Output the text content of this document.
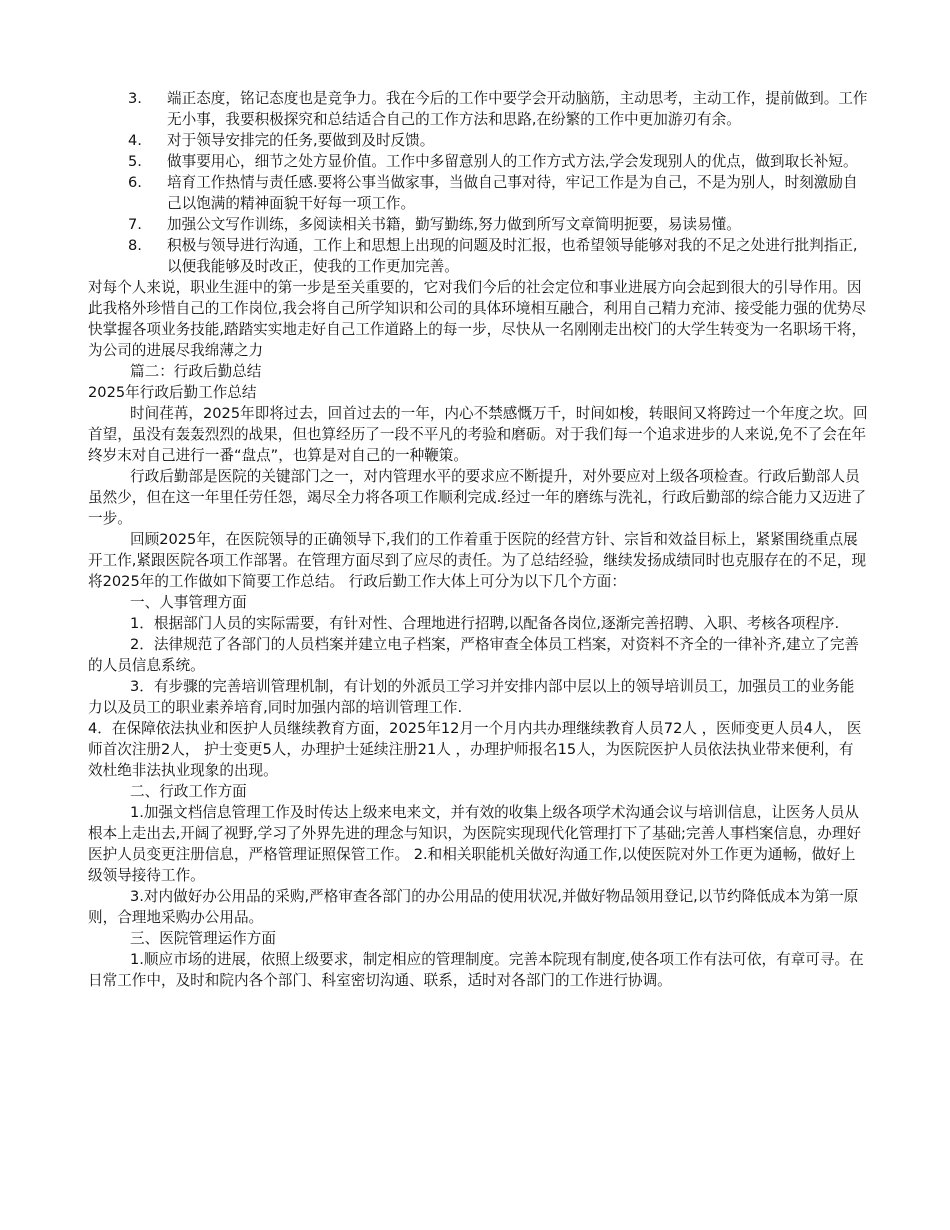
3.	端正态度，铭记态度也是竞争力。我在今后的工作中要学会开动脑筋，主动思考，主动工作，提前做到。工作无小事，我要积极探究和总结适合自己的工作方法和思路,在纷繁的工作中更加游刃有余。

4.	对于领导安排完的任务,要做到及时反馈。

5.	做事要用心，细节之处方显价值。工作中多留意别人的工作方式方法,学会发现别人的优点，做到取长补短。

6.	培育工作热情与责任感.要将公事当做家事，当做自己事对待，牢记工作是为自己，不是为别人，时刻激励自己以饱满的精神面貌干好每一项工作。

7.	加强公文写作训练，多阅读相关书籍，勤写勤练,努力做到所写文章简明扼要，易读易懂。

8.	积极与领导进行沟通，工作上和思想上出现的问题及时汇报，也希望领导能够对我的不足之处进行批判指正,以便我能够及时改正，使我的工作更加完善。

对每个人来说，职业生涯中的第一步是至关重要的，它对我们今后的社会定位和事业进展方向会起到很大的引导作用。因此我格外珍惜自己的工作岗位,我会将自己所学知识和公司的具体环境相互融合，利用自己精力充沛、接受能力强的优势尽快掌握各项业务技能,踏踏实实地走好自己工作道路上的每一步，尽快从一名刚刚走出校门的大学生转变为一名职场干将，为公司的进展尽我绵薄之力

篇二：行政后勤总结

2025年行政后勤工作总结

时间荏苒，2025年即将过去，回首过去的一年，内心不禁感慨万千，时间如梭，转眼间又将跨过一个年度之坎。回首望，虽没有轰轰烈烈的战果，但也算经历了一段不平凡的考验和磨砺。对于我们每一个追求进步的人来说,免不了会在年终岁末对自己进行一番“盘点”，也算是对自己的一种鞭策。

行政后勤部是医院的关键部门之一，对内管理水平的要求应不断提升，对外要应对上级各项检查。行政后勤部人员虽然少，但在这一年里任劳任怨，竭尽全力将各项工作顺利完成.经过一年的磨练与洗礼，行政后勤部的综合能力又迈进了一步。

回顾2025年，在医院领导的正确领导下,我们的工作着重于医院的经营方针、宗旨和效益目标上，紧紧围绕重点展开工作,紧跟医院各项工作部署。在管理方面尽到了应尽的责任。为了总结经验，继续发扬成绩同时也克服存在的不足，现将2025年的工作做如下简要工作总结。 行政后勤工作大体上可分为以下几个方面：

一、人事管理方面

1．根据部门人员的实际需要，有针对性、合理地进行招聘,以配备各岗位,逐渐完善招聘、入职、考核各项程序.

2．法律规范了各部门的人员档案并建立电子档案，严格审查全体员工档案，对资料不齐全的一律补齐,建立了完善的人员信息系统。

3．有步骤的完善培训管理机制，有计划的外派员工学习并安排内部中层以上的领导培训员工，加强员工的业务能力以及员工的职业素养培育,同时加强内部的培训管理工作.

4．在保障依法执业和医护人员继续教育方面，2025年12月一个月内共办理继续教育人员72人 ，医师变更人员4人， 医师首次注册2人， 护士变更5人，办理护士延续注册21人 ，办理护师报名15人，为医院医护人员依法执业带来便利，有效杜绝非法执业现象的出现。

二、行政工作方面

1.加强文档信息管理工作及时传达上级来电来文，并有效的收集上级各项学术沟通会议与培训信息，让医务人员从根本上走出去,开阔了视野,学习了外界先进的理念与知识，为医院实现现代化管理打下了基础;完善人事档案信息，办理好医护人员变更注册信息，严格管理证照保管工作。 2.和相关职能机关做好沟通工作,以使医院对外工作更为通畅，做好上级领导接待工作。

3.对内做好办公用品的采购,严格审查各部门的办公用品的使用状况,并做好物品领用登记,以节约降低成本为第一原则，合理地采购办公用品。

三、医院管理运作方面

1.顺应市场的进展，依照上级要求，制定相应的管理制度。完善本院现有制度,使各项工作有法可依，有章可寻。在日常工作中，及时和院内各个部门、科室密切沟通、联系，适时对各部门的工作进行协调。
